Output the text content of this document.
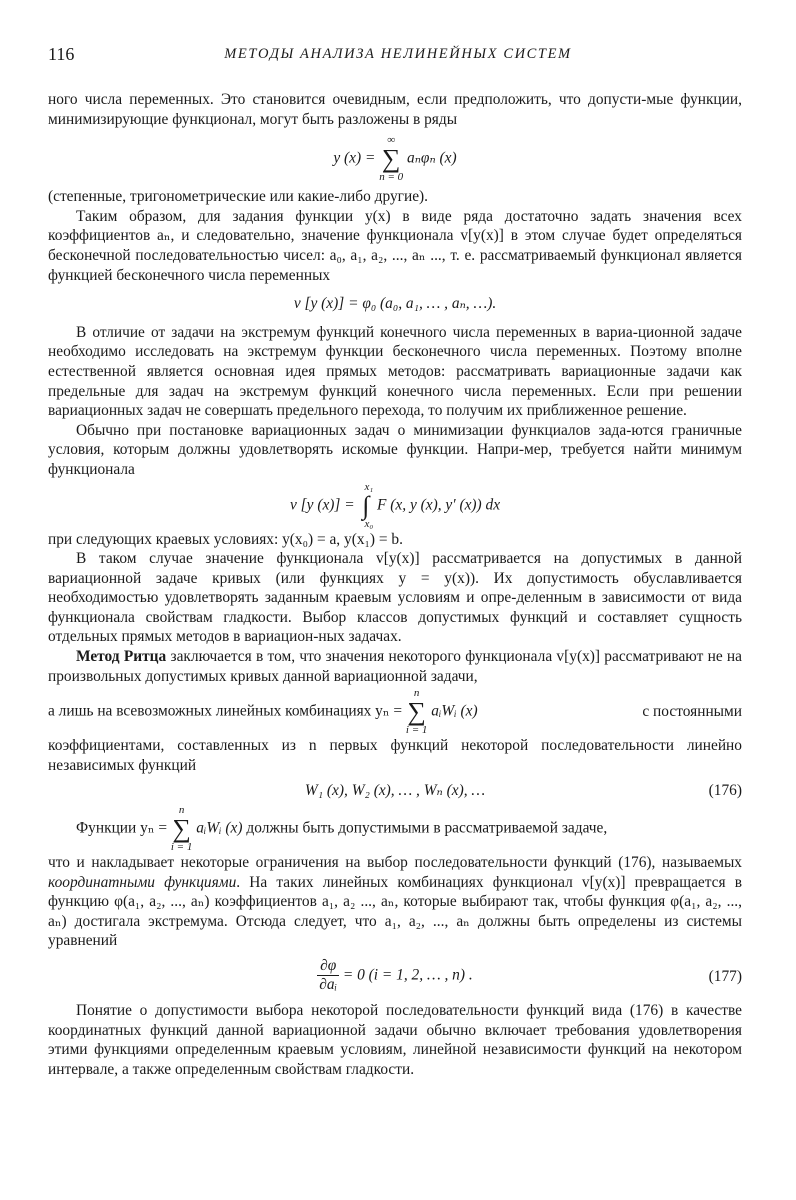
116	МЕТОДЫ АНАЛИЗА НЕЛИНЕЙНЫХ СИСТЕМ

ного числа переменных. Это становится очевидным, если предположить, что допусти-мые функции, минимизирующие функционал, могут быть разложены в ряды

y (x) =
∞
∑
n = 0
aₙφₙ (x)

(степенные, тригонометрические или какие-либо другие).

Таким образом, для задания функции y(x) в виде ряда достаточно задать значения всех коэффициентов aₙ, и следовательно, значение функционала v[y(x)] в этом случае будет определяться бесконечной последовательностью чисел: a₀, a₁, a₂, ..., aₙ ..., т. е. рассматриваемый функционал является функцией бесконечного числа переменных

v [y (x)] = φ₀ (a₀, a₁, … , aₙ, …).

В отличие от задачи на экстремум функций конечного числа переменных в вариа-ционной задаче необходимо исследовать на экстремум функции бесконечного числа переменных. Поэтому вполне естественной является основная идея прямых методов: рассматривать вариационные задачи как предельные для задач на экстремум функций конечного числа переменных. Если при решении вариационных задач не совершать предельного перехода, то получим их приближенное решение.

Обычно при постановке вариационных задач о минимизации функциалов зада-ются граничные условия, которым должны удовлетворять искомые функции. Напри-мер, требуется найти минимум функционала

v [y (x)] =
x₁
∫
x₀
F (x, y (x), y′ (x)) dx

при следующих краевых условиях: y(x₀) = a, y(x₁) = b.

В таком случае значение функционала v[y(x)] рассматривается на допустимых в данной вариационной задаче кривых (или функциях y = y(x)). Их допустимость обуславливается необходимостью удовлетворять заданным краевым условиям и опре-деленным в зависимости от вида функционала свойствам гладкости. Выбор классов допустимых функций и составляет сущность отдельных прямых методов в вариацион-ных задачах.

Метод Ритца заключается в том, что значения некоторого функционала v[y(x)] рассматривают не на произвольных допустимых кривых данной вариационной задачи,

а лишь на всевозможных линейных комбинациях yₙ =
n
∑
i = 1
aᵢWᵢ (x)	с постоянными

коэффициентами, составленных из n первых функций некоторой последовательности линейно независимых функций

W₁ (x), W₂ (x), … , Wₙ (x), …	(176)
Функции yₙ =
n
∑
i = 1
aᵢWᵢ (x) должны быть допустимыми в рассматриваемой задаче,

что и накладывает некоторые ограничения на выбор последовательности функций (176), называемых координатными функциями. На таких линейных комбинациях функционал v[y(x)] превращается в функцию φ(a₁, a₂, ..., aₙ) коэффициентов a₁, a₂ ..., aₙ, которые выбирают так, чтобы функция φ(a₁, a₂, ..., aₙ) достигала экстремума. Отсюда следует, что a₁, a₂, ..., aₙ должны быть определены из системы уравнений

$\frac{\partial\varphi}{\text{∂aᵢ}} = 0$ (i = 1, 2, … , n) .	(177)

Понятие о допустимости выбора некоторой последовательности функций вида (176) в качестве координатных функций данной вариационной задачи обычно включает требования удовлетворения этими функциями определенным краевым условиям, линейной независимости функций на некотором интервале, а также определенным свойствам гладкости.
